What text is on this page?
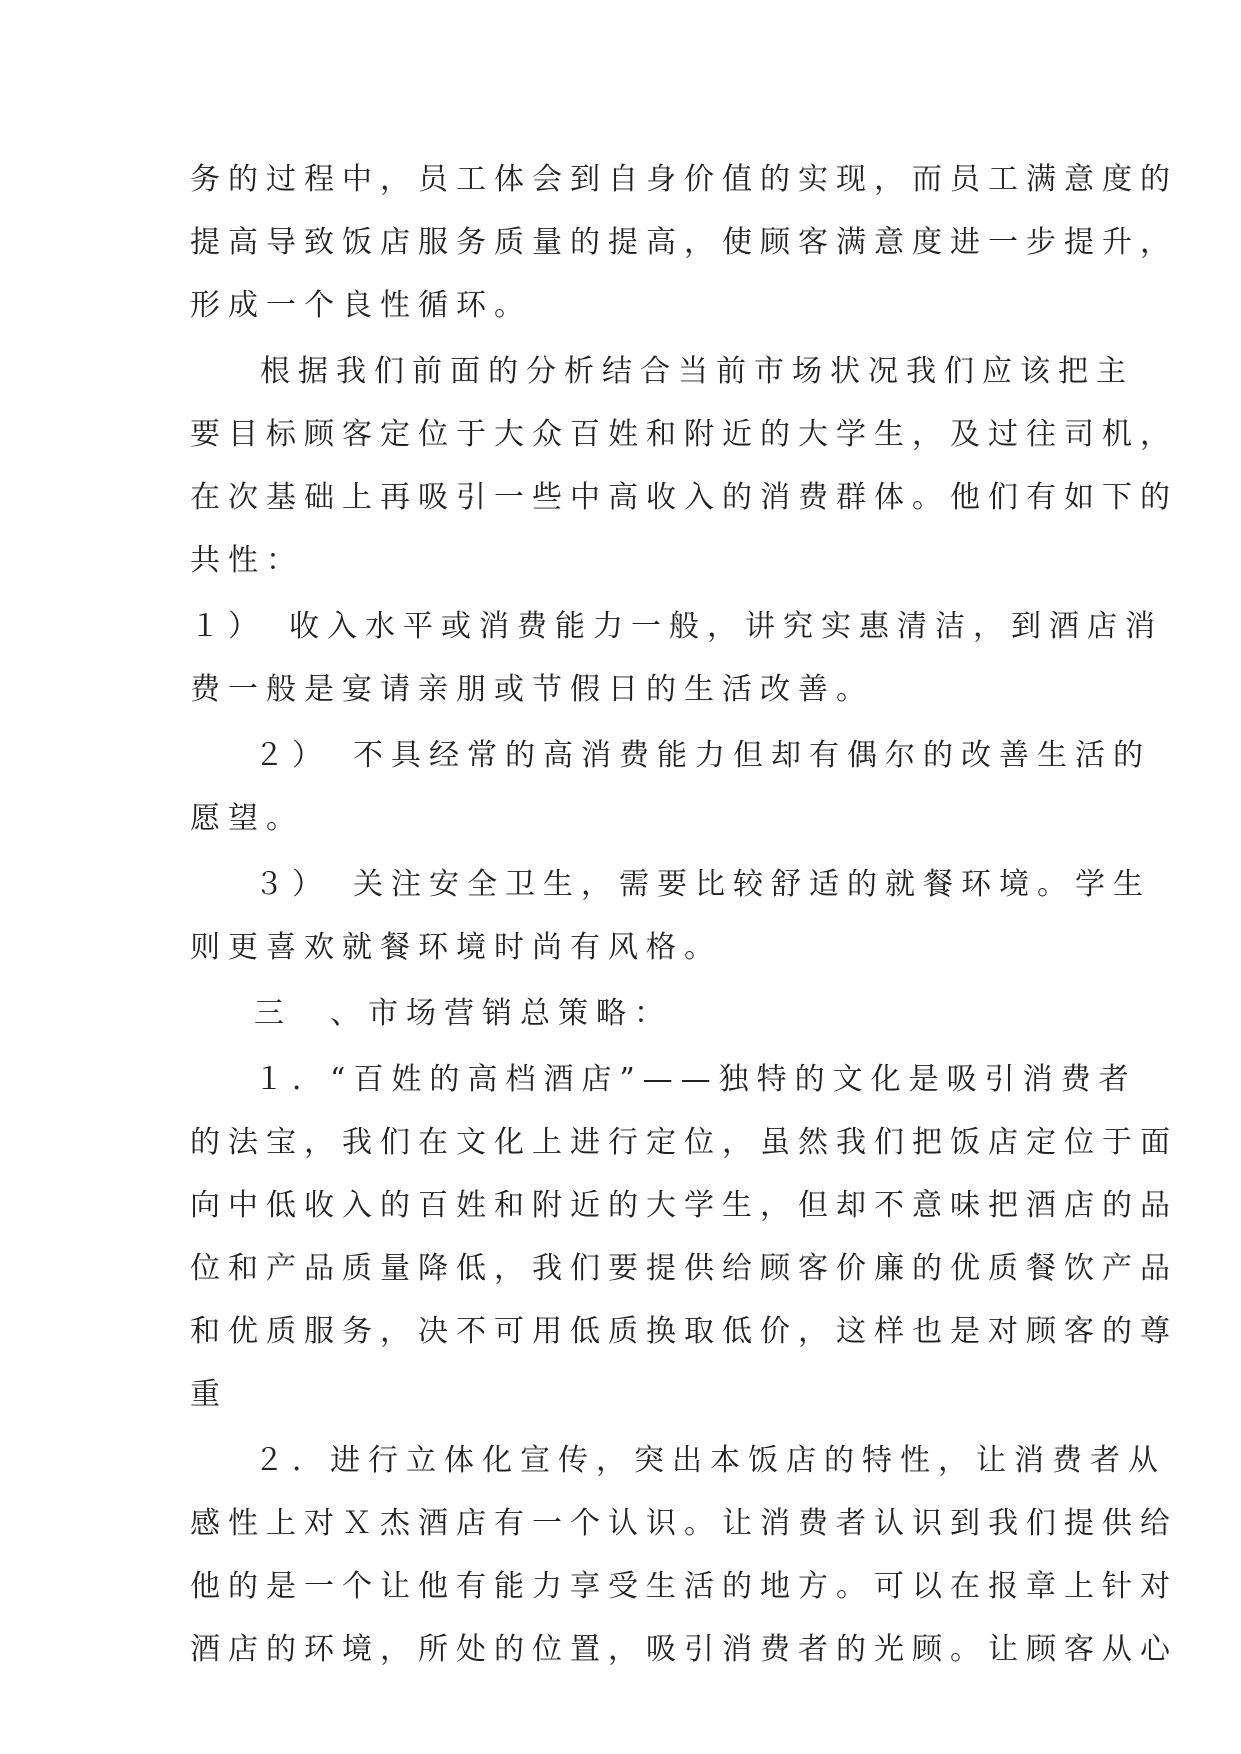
务的过程中，员工体会到自身价值的实现，而员工满意度的
提高导致饭店服务质量的提高，使顾客满意度进一步提升，
形成一个良性循环。
根据我们前面的分析结合当前市场状况我们应该把主
要目标顾客定位于大众百姓和附近的大学生，及过往司机，
在次基础上再吸引一些中高收入的消费群体。他们有如下的
共性：
１）　收入水平或消费能力一般，讲究实惠清洁，到酒店消
费一般是宴请亲朋或节假日的生活改善。
２）　不具经常的高消费能力但却有偶尔的改善生活的
愿望。
３）　关注安全卫生，需要比较舒适的就餐环境。学生
则更喜欢就餐环境时尚有风格。
三　、市场营销总策略：
１．“百姓的高档酒店”——独特的文化是吸引消费者
的法宝，我们在文化上进行定位，虽然我们把饭店定位于面
向中低收入的百姓和附近的大学生，但却不意味把酒店的品
位和产品质量降低，我们要提供给顾客价廉的优质餐饮产品
和优质服务，决不可用低质换取低价，这样也是对顾客的尊
重
２．进行立体化宣传，突出本饭店的特性，让消费者从
感性上对Ｘ杰酒店有一个认识。让消费者认识到我们提供给
他的是一个让他有能力享受生活的地方。可以在报章上针对
酒店的环境，所处的位置，吸引消费者的光顾。让顾客从心
